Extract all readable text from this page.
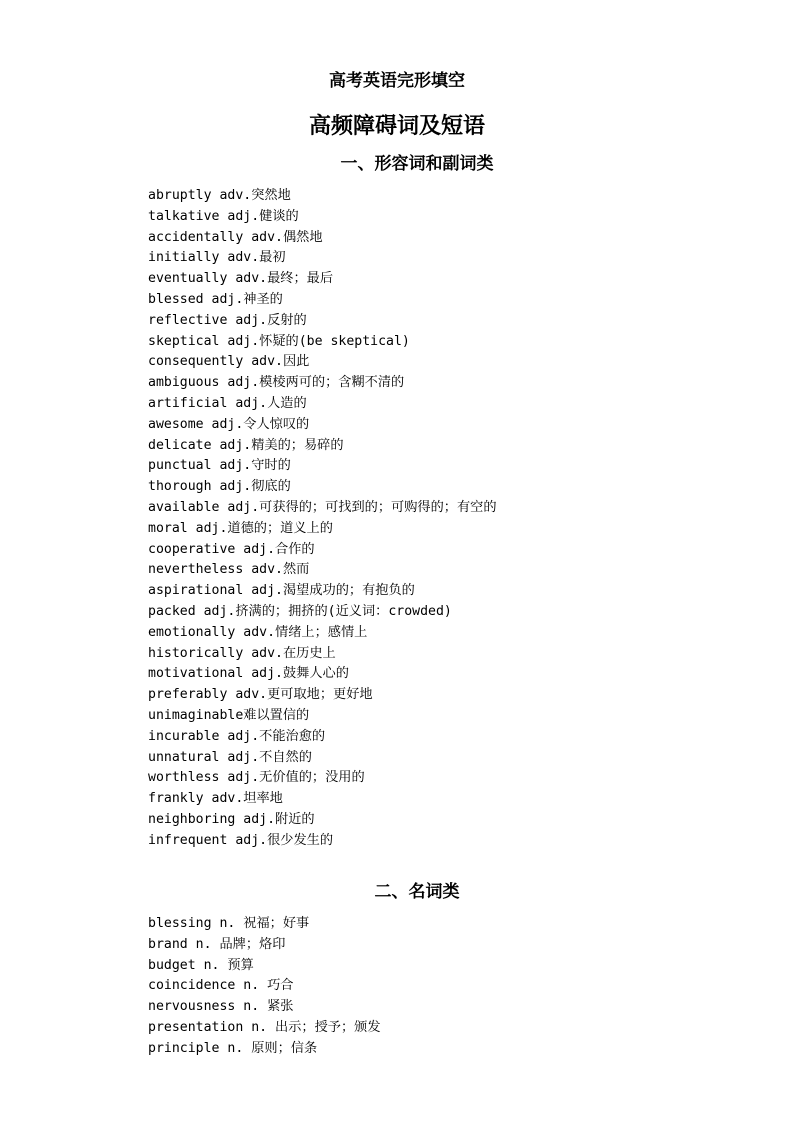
高考英语完形填空
高频障碍词及短语
一、形容词和副词类
abruptly adv.突然地
talkative adj.健谈的
accidentally adv.偶然地
initially adv.最初
eventually adv.最终；最后
blessed adj.神圣的
reflective adj.反射的
skeptical adj.怀疑的(be skeptical)
consequently adv.因此
ambiguous adj.模棱两可的；含糊不清的
artificial adj.人造的
awesome adj.令人惊叹的
delicate adj.精美的；易碎的
punctual adj.守时的
thorough adj.彻底的
available adj.可获得的；可找到的；可购得的；有空的
moral adj.道德的；道义上的
cooperative adj.合作的
nevertheless adv.然而
aspirational adj.渴望成功的；有抱负的
packed adj.挤满的；拥挤的(近义词：crowded)
emotionally adv.情绪上；感情上
historically adv.在历史上
motivational adj.鼓舞人心的
preferably adv.更可取地；更好地
unimaginable难以置信的
incurable adj.不能治愈的
unnatural adj.不自然的
worthless adj.无价值的；没用的
frankly adv.坦率地
neighboring adj.附近的
infrequent adj.很少发生的
二、名词类
blessing n. 祝福；好事
brand n. 品牌；烙印
budget n. 预算
coincidence n. 巧合
nervousness n. 紧张
presentation n. 出示；授予；颁发
principle n. 原则；信条
